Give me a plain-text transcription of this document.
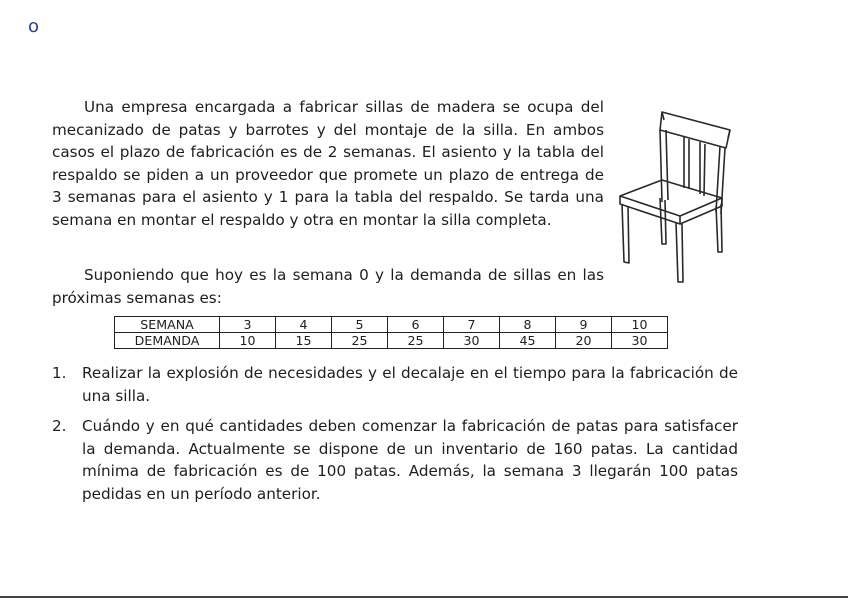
o

Una empresa encargada a fabricar sillas de madera se ocupa del mecanizado de patas y barrotes y del montaje de la silla. En ambos casos el plazo de fabricación es de 2 semanas. El asiento y la tabla del respaldo se piden a un proveedor que promete un plazo de entrega de 3 semanas para el asiento y 1 para la tabla del respaldo. Se tarda una semana en montar el respaldo y otra en montar la silla completa.

Suponiendo que hoy es la semana 0 y la demanda de sillas en las próximas semanas es:

SEMANA	3	4	5	6	7	8	9	10
DEMANDA	10	15	25	25	30	45	20	30
1. Realizar la explosión de necesidades y el decalaje en el tiempo para la fabricación de una silla.
2. Cuándo y en qué cantidades deben comenzar la fabricación de patas para satisfacer la demanda. Actualmente se dispone de un inventario de 160 patas. La cantidad mínima de fabricación es de 100 patas. Además, la semana 3 llegarán 100 patas pedidas en un período anterior.
